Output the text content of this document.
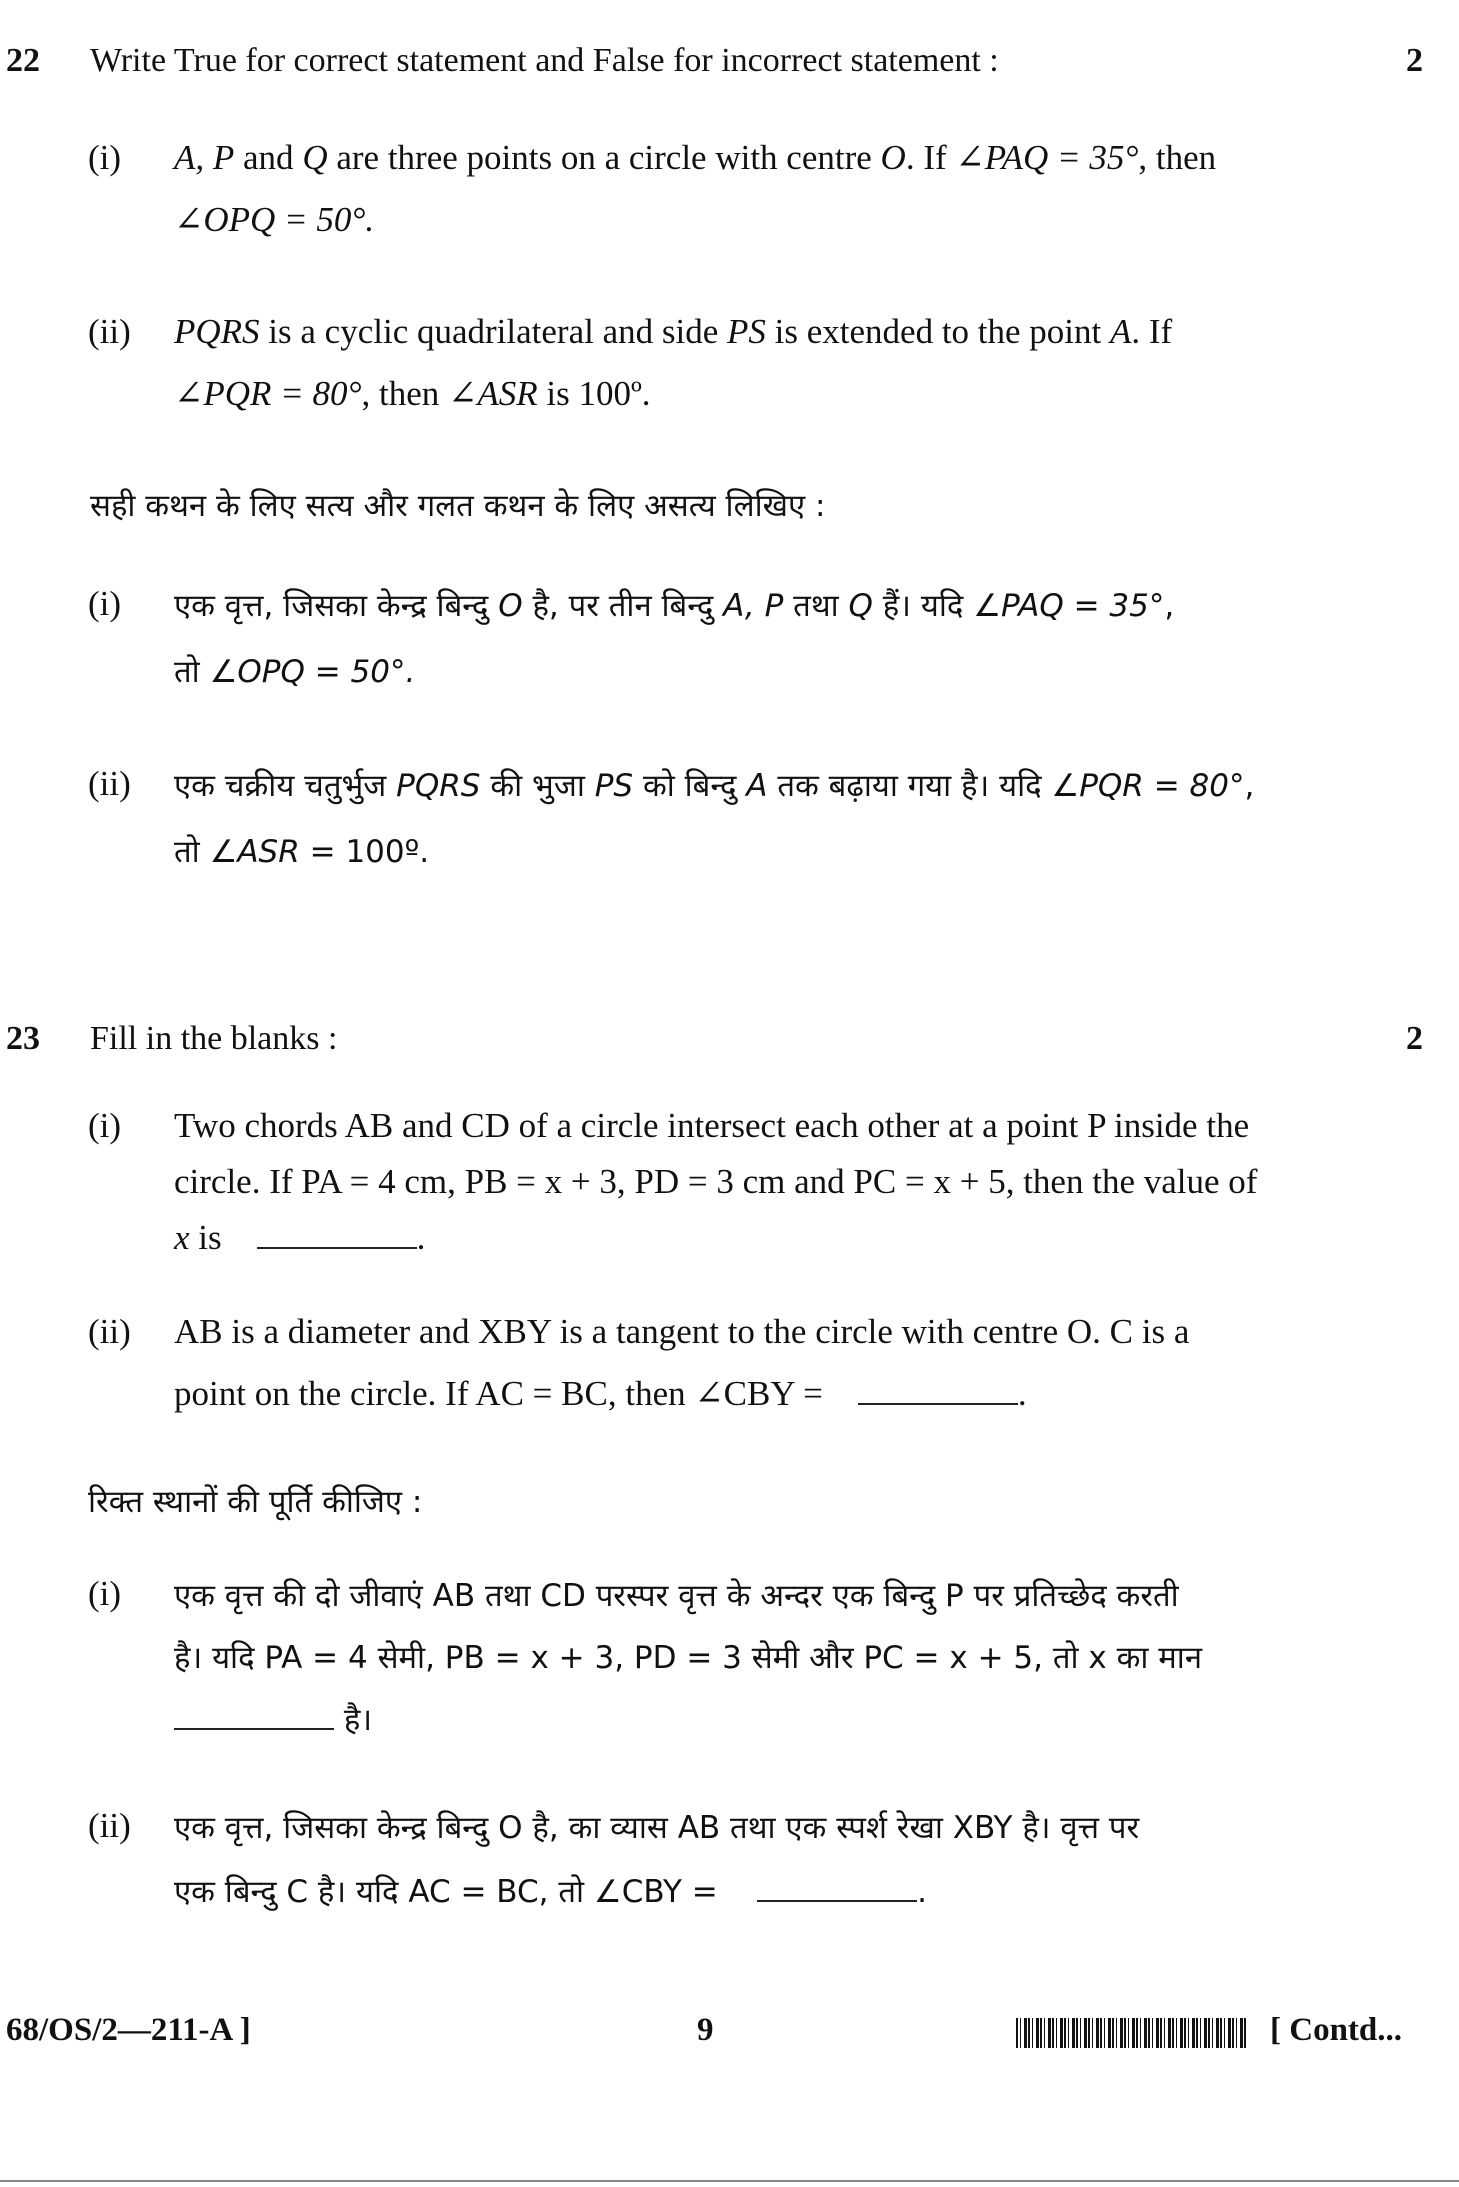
22 Write True for correct statement and False for incorrect statement :	2
(i) A, P and Q are three points on a circle with centre O. If ∠PAQ = 35°, then
∠OPQ = 50°.
(ii) PQRS is a cyclic quadrilateral and side PS is extended to the point A. If
∠PQR = 80°, then ∠ASR is 100º.
सही कथन के लिए सत्य और गलत कथन के लिए असत्य लिखिए :
(i) एक वृत्त, जिसका केन्द्र बिन्दु O है, पर तीन बिन्दु A, P तथा Q हैं। यदि ∠PAQ = 35°,
तो ∠OPQ = 50°.
(ii) एक चक्रीय चतुर्भुज PQRS की भुजा PS को बिन्दु A तक बढ़ाया गया है। यदि ∠PQR = 80°,
तो ∠ASR = 100º.
23 Fill in the blanks :	2
(i) Two chords AB and CD of a circle intersect each other at a point P inside the
circle. If PA = 4 cm, PB = x + 3, PD = 3 cm and PC = x + 5, then the value of
x is	.
(ii) AB is a diameter and XBY is a tangent to the circle with centre O. C is a
point on the circle. If AC = BC, then ∠CBY =	.
रिक्त स्थानों की पूर्ति कीजिए :
(i) एक वृत्त की दो जीवाएं AB तथा CD परस्पर वृत्त के अन्दर एक बिन्दु P पर प्रतिच्छेद करती
है। यदि PA = 4 सेमी, PB = x + 3, PD = 3 सेमी और PC = x + 5, तो x का मान
है।
(ii) एक वृत्त, जिसका केन्द्र बिन्दु O है, का व्यास AB तथा एक स्पर्श रेखा XBY है। वृत्त पर
एक बिन्दु C है। यदि AC = BC, तो ∠CBY =	.
68/OS/2—211-A ]	9	[ Contd...
